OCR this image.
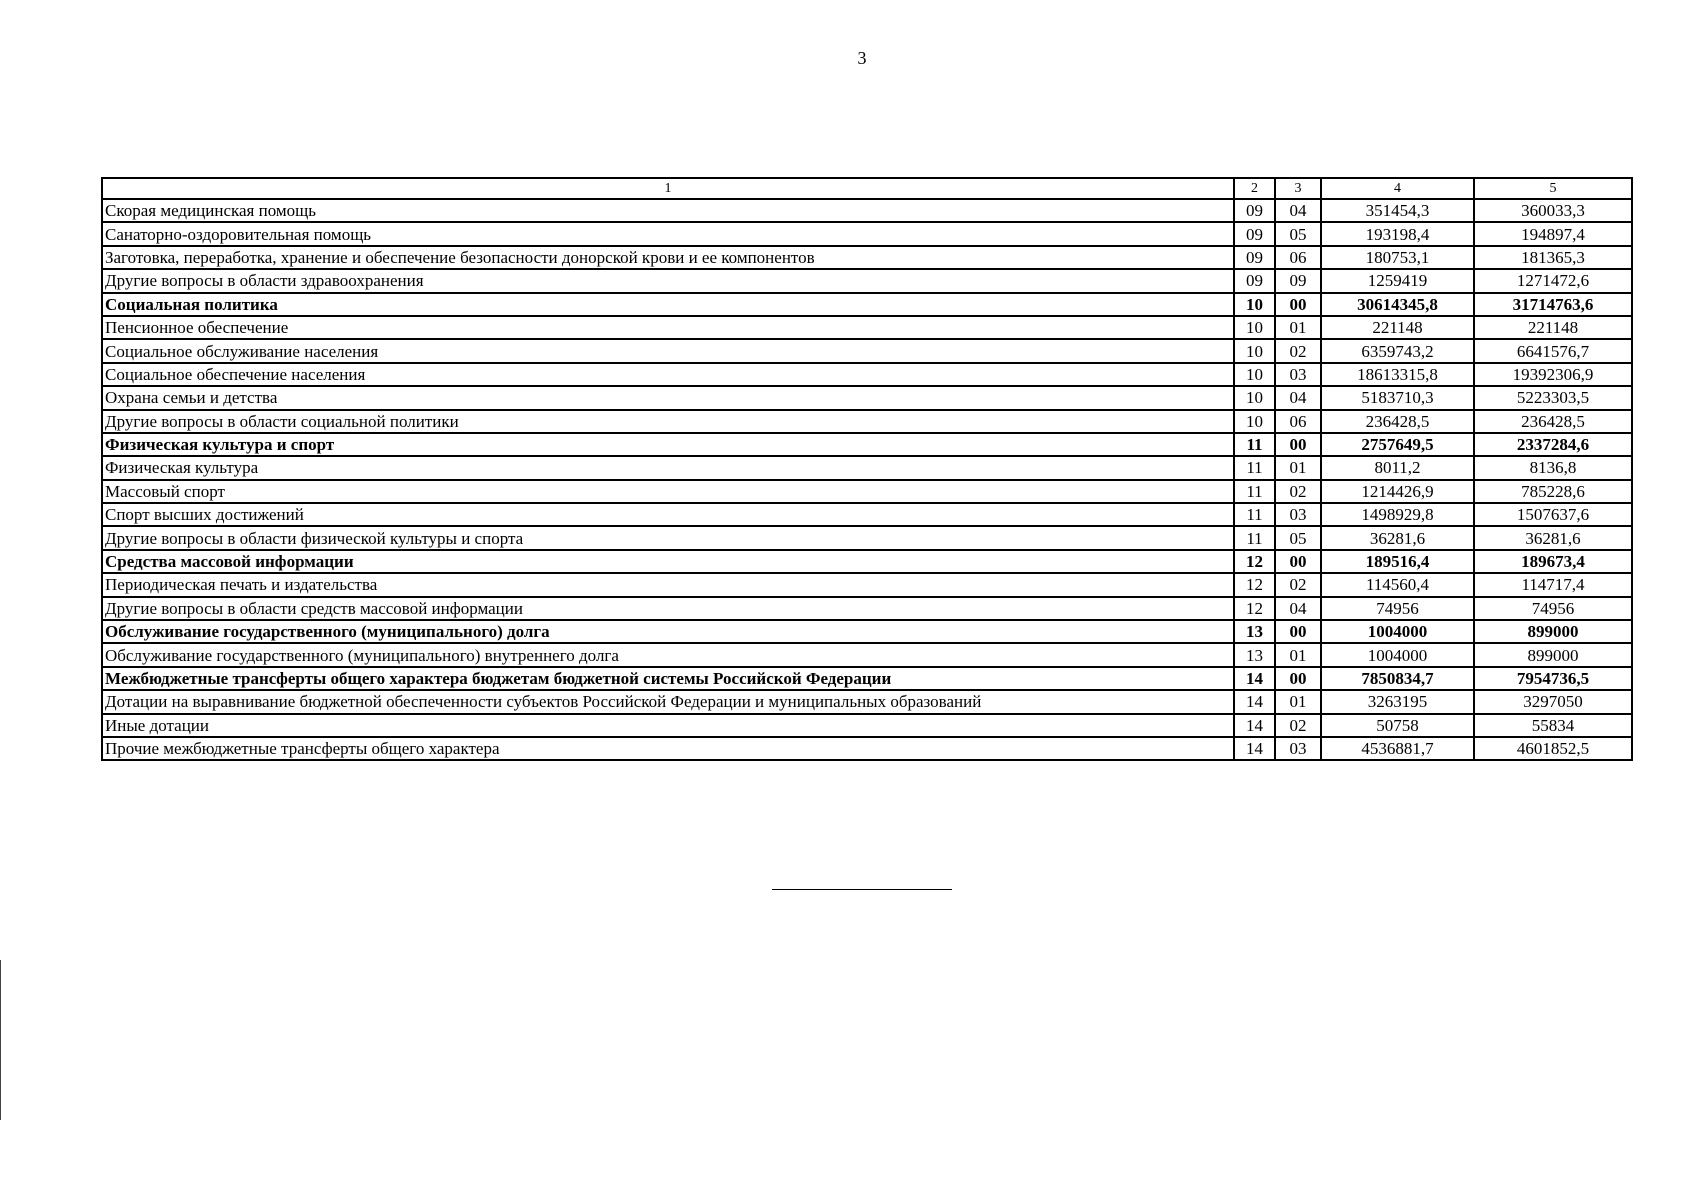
3
1	2	3	4	5
Скорая медицинская помощь	09	04	351454,3	360033,3
Санаторно-оздоровительная помощь	09	05	193198,4	194897,4
Заготовка, переработка, хранение и обеспечение безопасности донорской крови и ее компонентов	09	06	180753,1	181365,3
Другие вопросы в области здравоохранения	09	09	1259419	1271472,6
Социальная политика	10	00	30614345,8	31714763,6
Пенсионное обеспечение	10	01	221148	221148
Социальное обслуживание населения	10	02	6359743,2	6641576,7
Социальное обеспечение населения	10	03	18613315,8	19392306,9
Охрана семьи и детства	10	04	5183710,3	5223303,5
Другие вопросы в области социальной политики	10	06	236428,5	236428,5
Физическая культура и спорт	11	00	2757649,5	2337284,6
Физическая культура	11	01	8011,2	8136,8
Массовый спорт	11	02	1214426,9	785228,6
Спорт высших достижений	11	03	1498929,8	1507637,6
Другие вопросы в области физической культуры и спорта	11	05	36281,6	36281,6
Средства массовой информации	12	00	189516,4	189673,4
Периодическая печать и издательства	12	02	114560,4	114717,4
Другие вопросы в области средств массовой информации	12	04	74956	74956
Обслуживание государственного (муниципального) долга	13	00	1004000	899000
Обслуживание государственного (муниципального) внутреннего долга	13	01	1004000	899000
Межбюджетные трансферты общего характера бюджетам бюджетной системы Российской Федерации	14	00	7850834,7	7954736,5
Дотации на выравнивание бюджетной обеспеченности субъектов Российской Федерации и муниципальных образований	14	01	3263195	3297050
Иные дотации	14	02	50758	55834
Прочие межбюджетные трансферты общего характера	14	03	4536881,7	4601852,5
